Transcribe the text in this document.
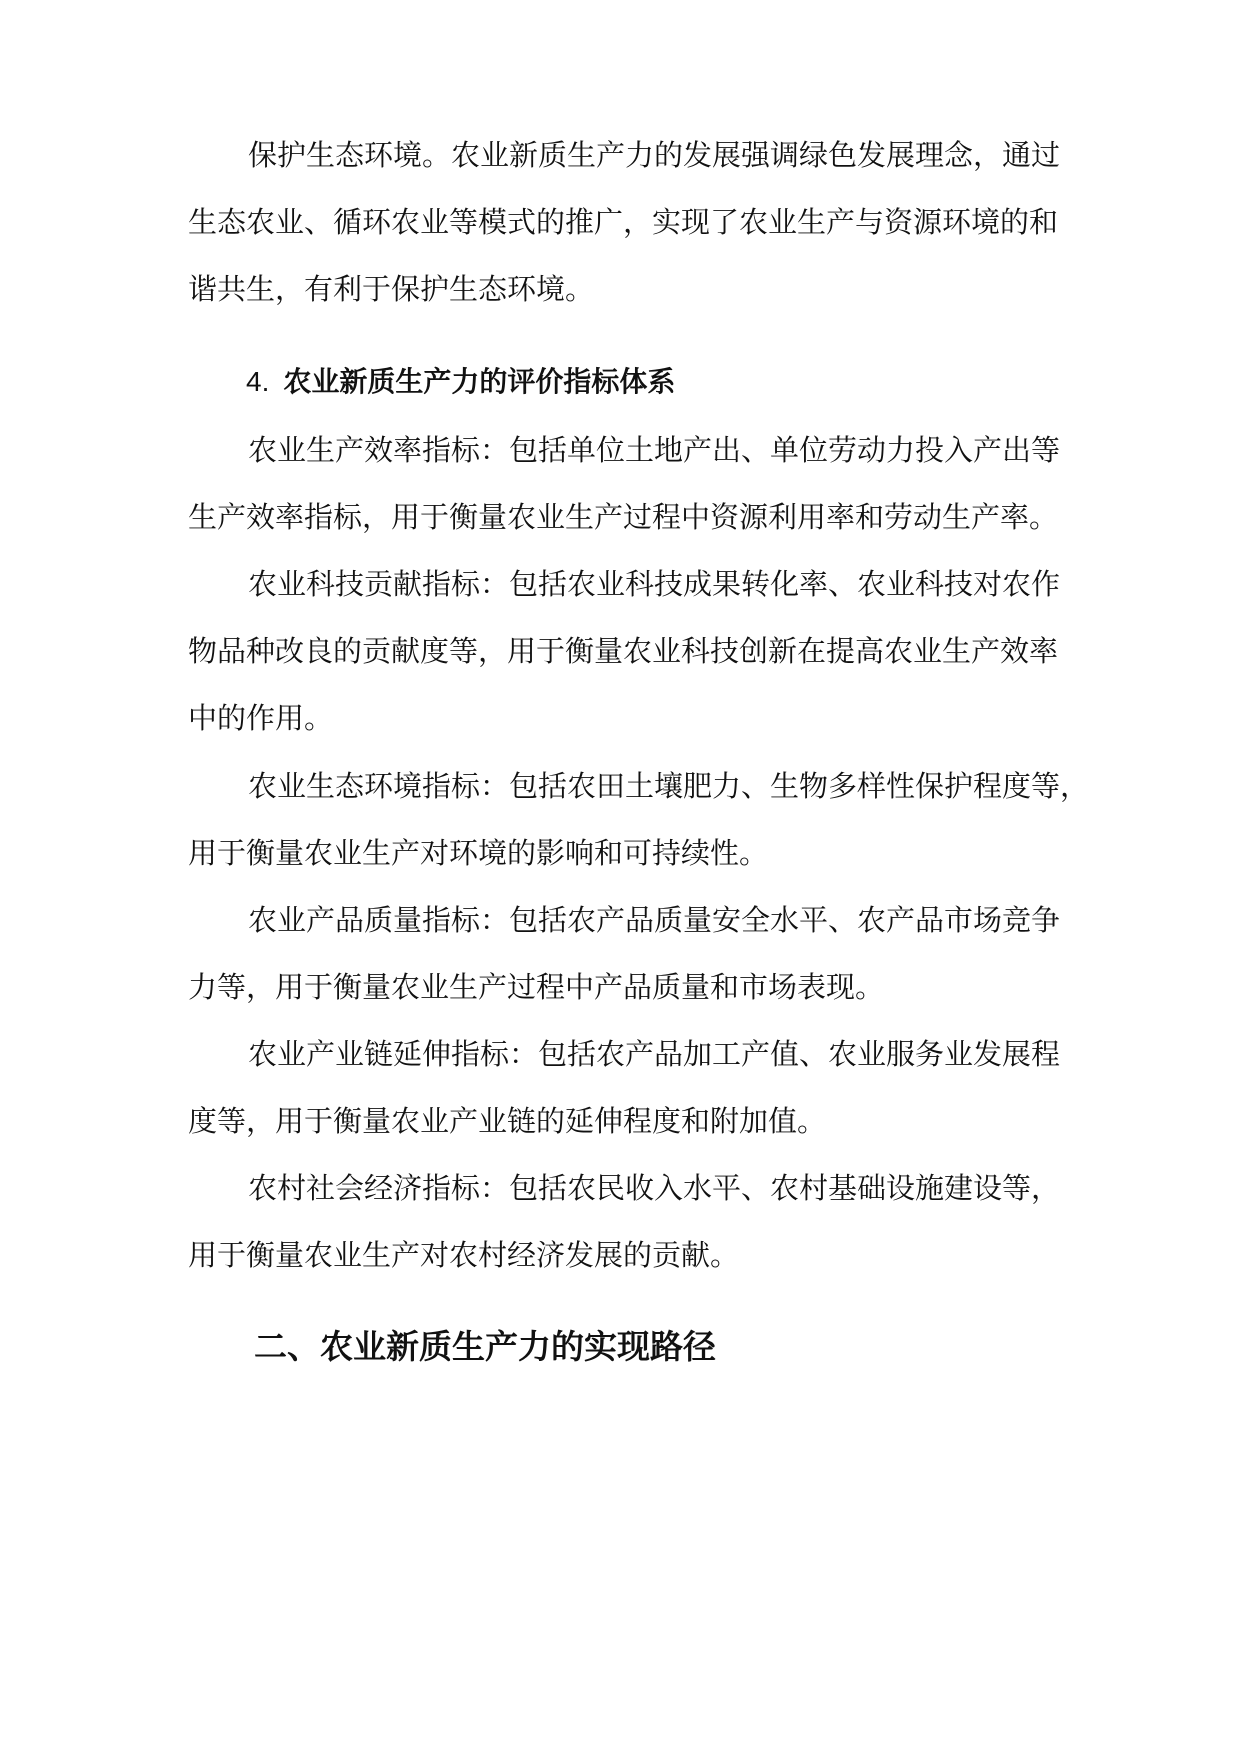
保护生态环境。农业新质生产力的发展强调绿色发展理念，通过
生态农业、循环农业等模式的推广，实现了农业生产与资源环境的和
谐共生，有利于保护生态环境。
4. 农业新质生产力的评价指标体系
农业生产效率指标：包括单位土地产出、单位劳动力投入产出等
生产效率指标，用于衡量农业生产过程中资源利用率和劳动生产率。
农业科技贡献指标：包括农业科技成果转化率、农业科技对农作
物品种改良的贡献度等，用于衡量农业科技创新在提高农业生产效率
中的作用。
农业生态环境指标：包括农田土壤肥力、生物多样性保护程度等，
用于衡量农业生产对环境的影响和可持续性。
农业产品质量指标：包括农产品质量安全水平、农产品市场竞争
力等，用于衡量农业生产过程中产品质量和市场表现。
农业产业链延伸指标：包括农产品加工产值、农业服务业发展程
度等，用于衡量农业产业链的延伸程度和附加值。
农村社会经济指标：包括农民收入水平、农村基础设施建设等，
用于衡量农业生产对农村经济发展的贡献。
二、农业新质生产力的实现路径
